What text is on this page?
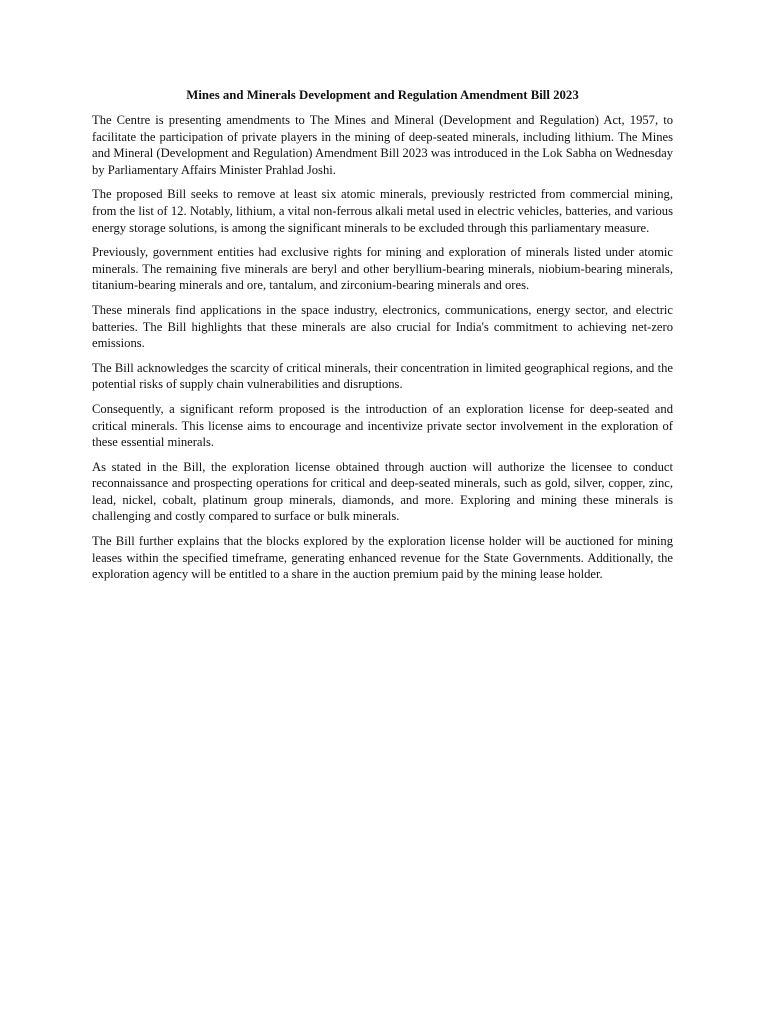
Mines and Minerals Development and Regulation Amendment Bill 2023

The Centre is presenting amendments to The Mines and Mineral (Development and Regulation) Act, 1957, to facilitate the participation of private players in the mining of deep-seated minerals, including lithium. The Mines and Mineral (Development and Regulation) Amendment Bill 2023 was introduced in the Lok Sabha on Wednesday by Parliamentary Affairs Minister Prahlad Joshi.

The proposed Bill seeks to remove at least six atomic minerals, previously restricted from commercial mining, from the list of 12. Notably, lithium, a vital non-ferrous alkali metal used in electric vehicles, batteries, and various energy storage solutions, is among the significant minerals to be excluded through this parliamentary measure.

Previously, government entities had exclusive rights for mining and exploration of minerals listed under atomic minerals. The remaining five minerals are beryl and other beryllium-bearing minerals, niobium-bearing minerals, titanium-bearing minerals and ore, tantalum, and zirconium-bearing minerals and ores.

These minerals find applications in the space industry, electronics, communications, energy sector, and electric batteries. The Bill highlights that these minerals are also crucial for India's commitment to achieving net-zero emissions.

The Bill acknowledges the scarcity of critical minerals, their concentration in limited geographical regions, and the potential risks of supply chain vulnerabilities and disruptions.

Consequently, a significant reform proposed is the introduction of an exploration license for deep-seated and critical minerals. This license aims to encourage and incentivize private sector involvement in the exploration of these essential minerals.

As stated in the Bill, the exploration license obtained through auction will authorize the licensee to conduct reconnaissance and prospecting operations for critical and deep-seated minerals, such as gold, silver, copper, zinc, lead, nickel, cobalt, platinum group minerals, diamonds, and more. Exploring and mining these minerals is challenging and costly compared to surface or bulk minerals.

The Bill further explains that the blocks explored by the exploration license holder will be auctioned for mining leases within the specified timeframe, generating enhanced revenue for the State Governments. Additionally, the exploration agency will be entitled to a share in the auction premium paid by the mining lease holder.
